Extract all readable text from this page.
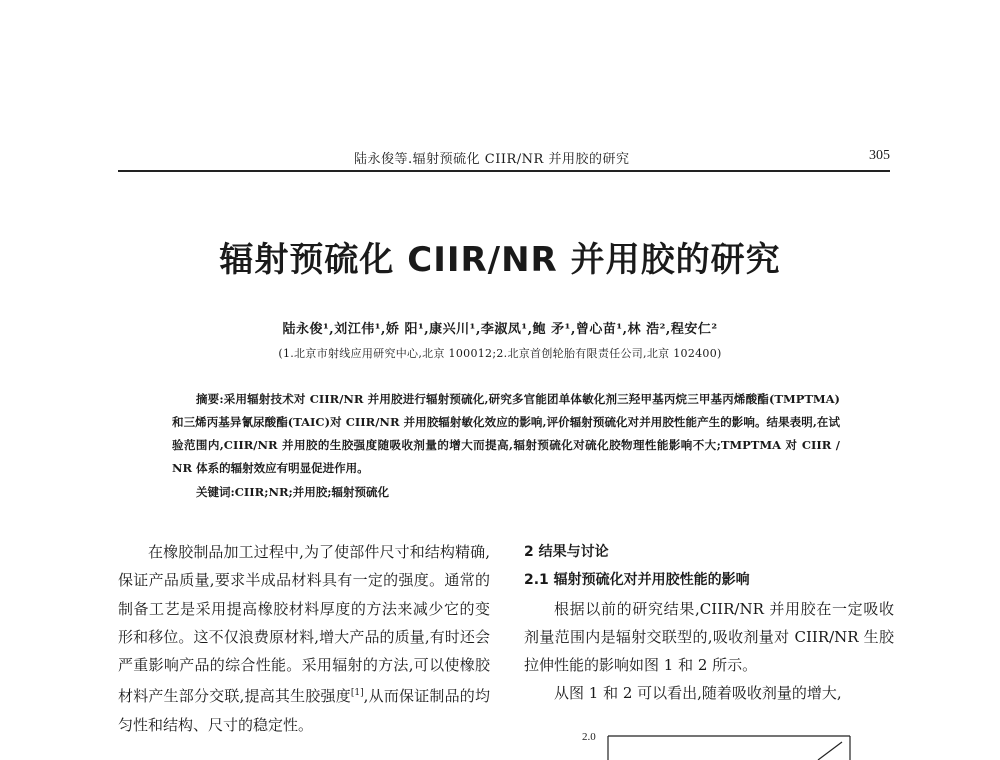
陆永俊等.辐射预硫化 CIIR/NR 并用胶的研究	305
辐射预硫化 CIIR/NR 并用胶的研究
陆永俊¹,刘江伟¹,娇 阳¹,康兴川¹,李淑凤¹,鲍 矛¹,曾心苗¹,林 浩²,程安仁²
(1.北京市射线应用研究中心,北京 100012;2.北京首创轮胎有限责任公司,北京 102400)
摘要:采用辐射技术对 CIIR/NR 并用胶进行辐射预硫化,研究多官能团单体敏化剂三羟甲基丙烷三甲基丙烯酸酯(TMPTMA)和三烯丙基异氰尿酸酯(TAIC)对 CIIR/NR 并用胶辐射敏化效应的影响,评价辐射预硫化对并用胶性能产生的影响。结果表明,在试验范围内,CIIR/NR 并用胶的生胶强度随吸收剂量的增大而提高,辐射预硫化对硫化胶物理性能影响不大;TMPTMA 对 CIIR / NR 体系的辐射效应有明显促进作用。
关键词:CIIR;NR;并用胶;辐射预硫化

在橡胶制品加工过程中,为了使部件尺寸和结构精确,保证产品质量,要求半成品材料具有一定的强度。通常的制备工艺是采用提高橡胶材料厚度的方法来减少它的变形和移位。这不仅浪费原材料,增大产品的质量,有时还会严重影响产品的综合性能。采用辐射的方法,可以使橡胶材料产生部分交联,提高其生胶强度[1],从而保证制品的均匀性和结构、尺寸的稳定性。

2 结果与讨论
2.1 辐射预硫化对并用胶性能的影响

根据以前的研究结果,CIIR/NR 并用胶在一定吸收剂量范围内是辐射交联型的,吸收剂量对 CIIR/NR 生胶拉伸性能的影响如图 1 和 2 所示。

从图 1 和 2 可以看出,随着吸收剂量的增大,

2.0
